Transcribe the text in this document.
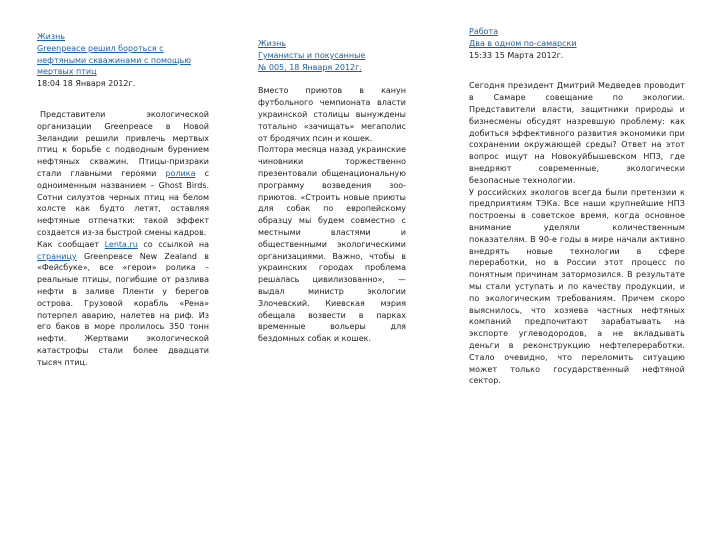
Жизнь
Greenpeace решил бороться с нефтяными скважинами с помощью мертвых птиц
18:04 18 Января 2012г.

Представители экологической организации Greenpeace в Новой Зеландии решили привлечь мертвых птиц к борьбе с подводным бурением нефтяных скважин. Птицы-призраки стали главными героями ролика с одноименным названием – Ghost Birds. Сотни силуэтов черных птиц на белом холсте как будто летят, оставляя нефтяные отпечатки: такой эффект создается из-за быстрой смены кадров.

Как сообщает Lenta.ru со ссылкой на страницу Greenpeace New Zealand в «Фейсбуке», все «герои» ролика – реальные птицы, погибшие от разлива нефти в заливе Пленти у берегов острова. Грузовой корабль «Рена» потерпел аварию, налетев на риф. Из его баков в море пролилось 350 тонн нефти. Жертвами экологической катастрофы стали более двадцати тысяч птиц.

Жизнь
Гуманисты и покусанные
№ 005, 18 Января 2012г.

Вместо приютов в канун футбольного чемпионата власти украинской столицы вынуждены тотально «зачищать» мегаполис от бродячих псин и кошек.

Полтора месяца назад украинские чиновники торжественно презентовали общенациональную программу возведения зооприютов. «Строить новые приюты для собак по европейскому образцу мы будем совместно с местными властями и общественными экологическими организациями. Важно, чтобы в украинских городах проблема решалась цивилизованно», — выдал министр экологии Злочевский. Киевская мэрия обещала возвести в парках временные вольеры для бездомных собак и кошек.

Работа
Два в одном по-самарски
15:33 15 Марта 2012г.

Сегодня президент Дмитрий Медведев проводит в Самаре совещание по экологии. Представители власти, защитники природы и бизнесмены обсудят назревшую проблему: как добиться эффективного развития экономики при сохранении окружающей среды? Ответ на этот вопрос ищут на Новокуйбышевском НПЗ, где внедряют современные, экологически безопасные технологии.

У российских экологов всегда были претензии к предприятиям ТЭКа. Все наши крупнейшие НПЗ построены в советское время, когда основное внимание уделяли количественным показателям. В 90-е годы в мире начали активно внедрять новые технологии в сфере переработки, но в России этот процесс по понятным причинам затормозился. В результате мы стали уступать и по качеству продукции, и по экологическим требованиям. Причем скоро выяснилось, что хозяева частных нефтяных компаний предпочитают зарабатывать на экспорте углеводородов, а не вкладывать деньги в реконструкцию нефтепереработки. Стало очевидно, что переломить ситуацию может только государственный нефтяной сектор.
